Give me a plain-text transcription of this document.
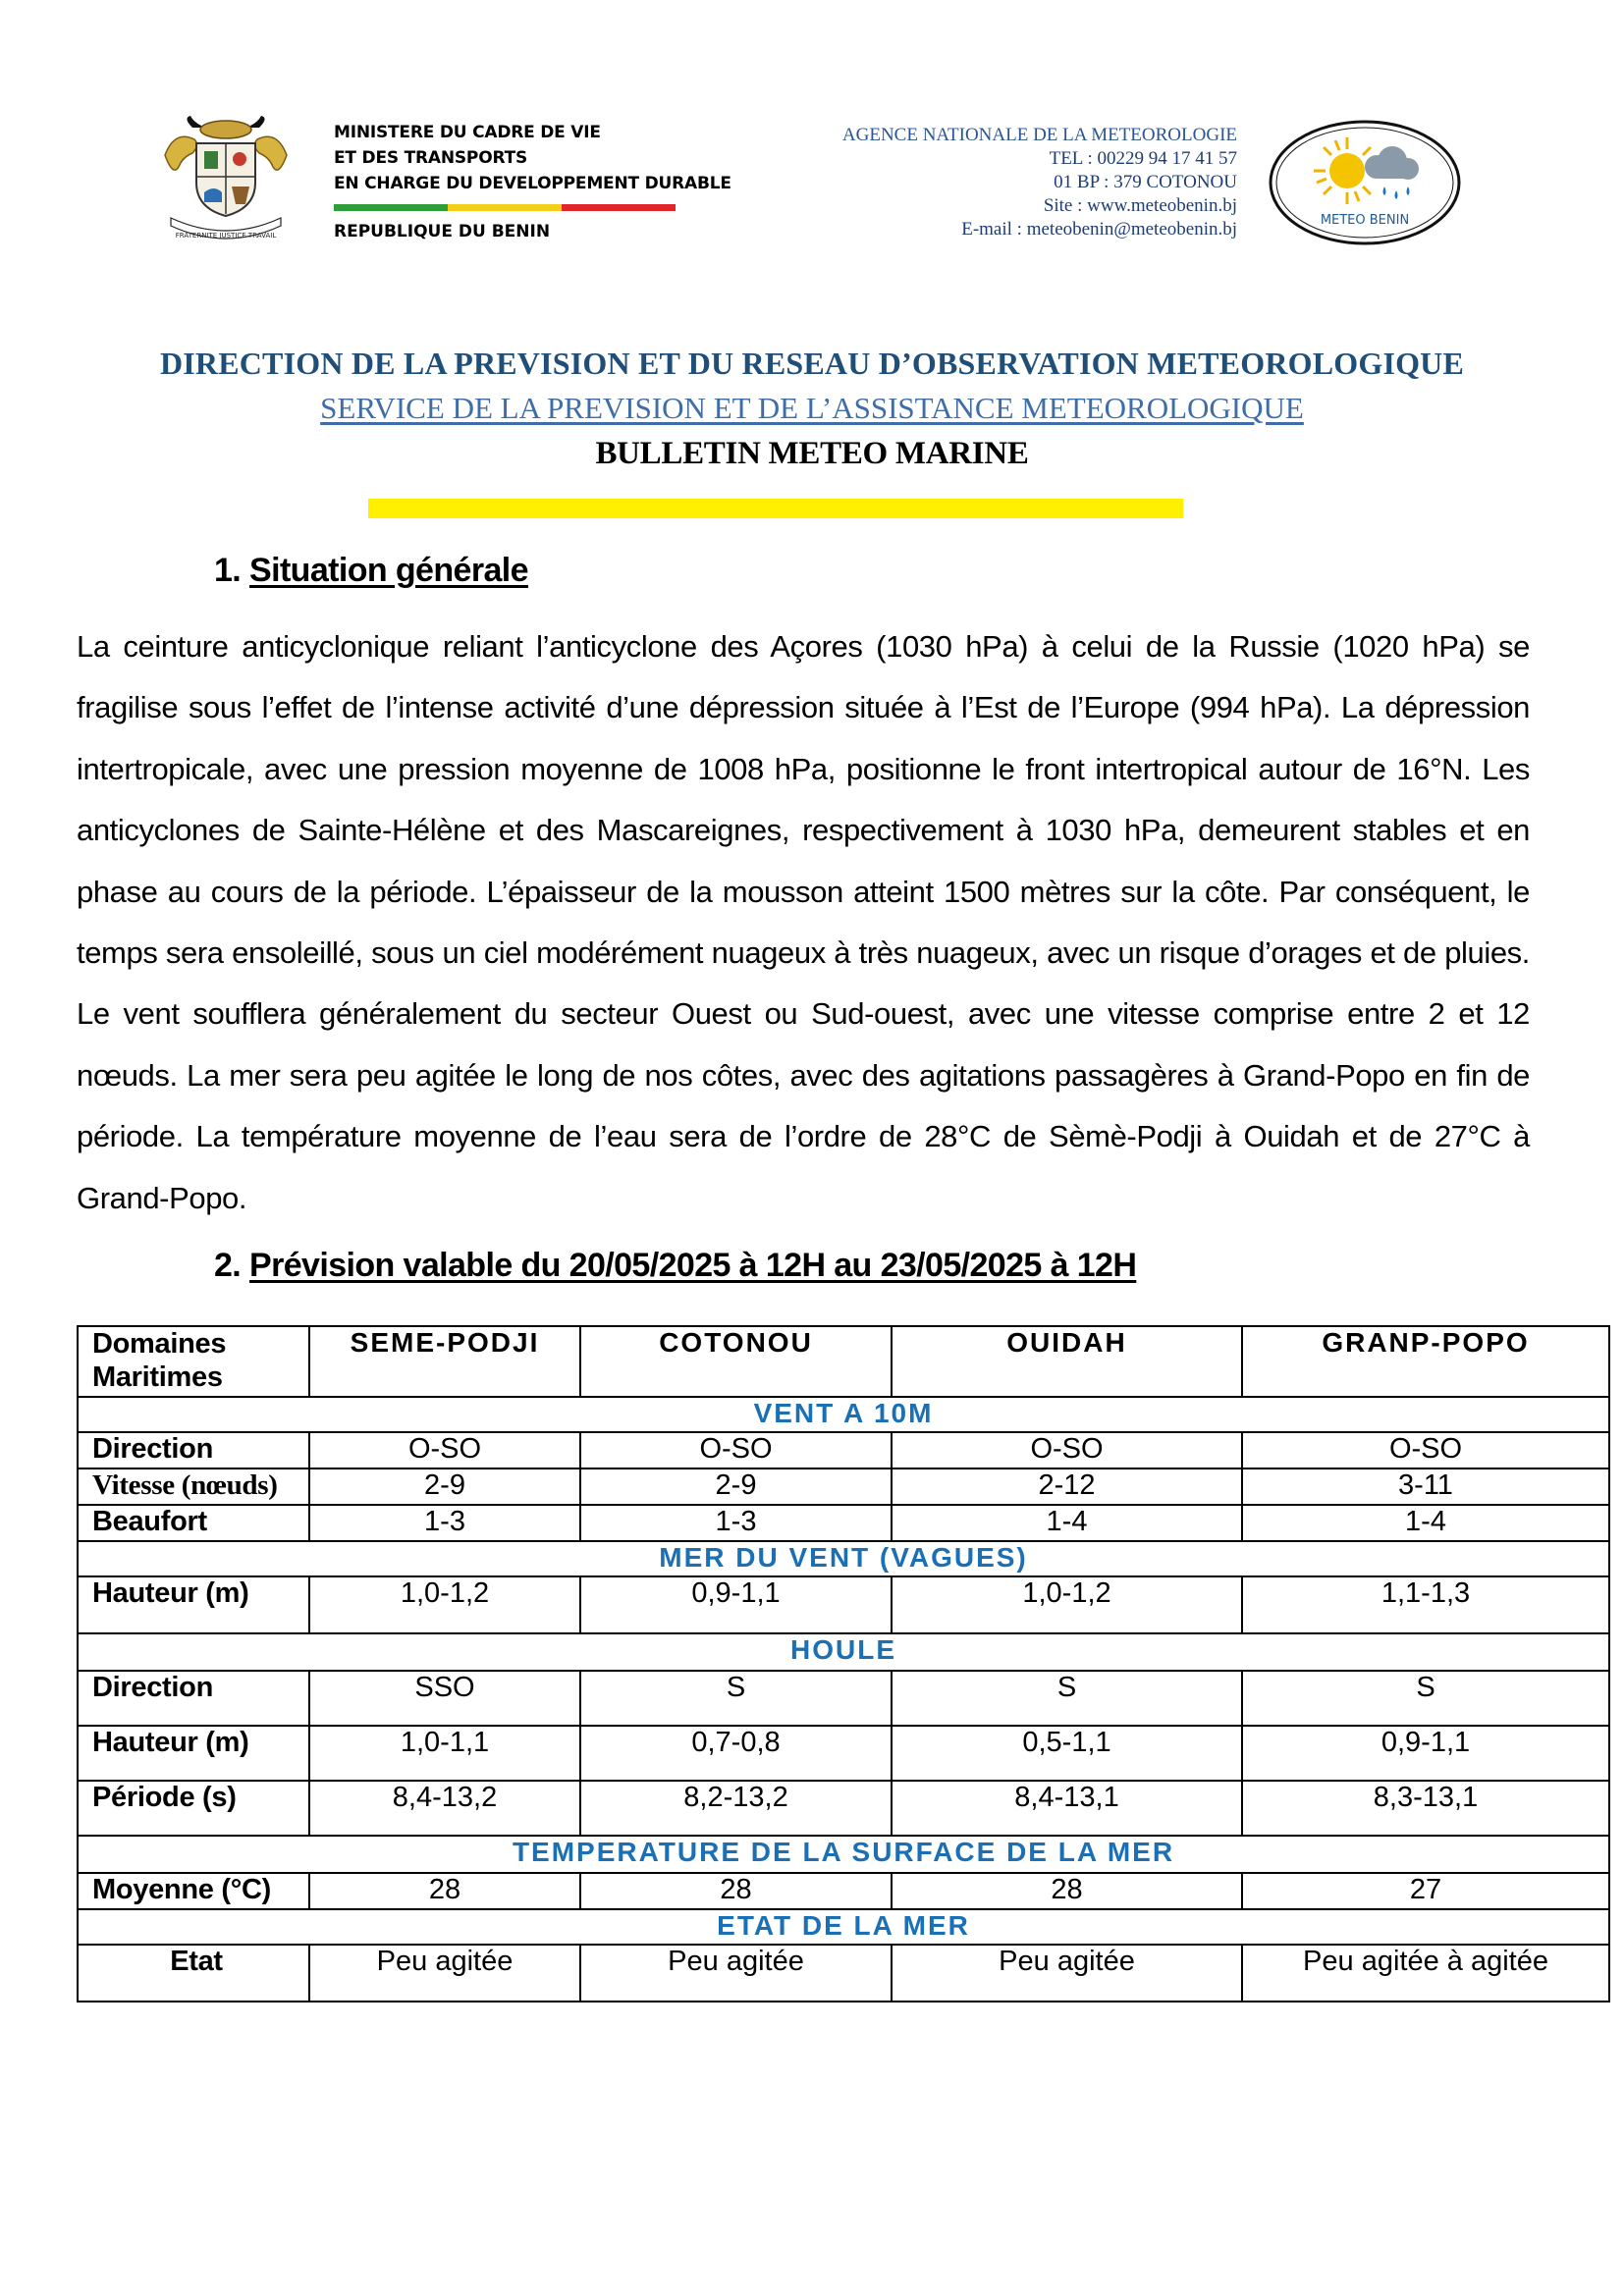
FRATERNITE JUSTICE TRAVAIL
MINISTERE DU CADRE DE VIE
ET DES TRANSPORTS
EN CHARGE DU DEVELOPPEMENT DURABLE
REPUBLIQUE DU BENIN
AGENCE NATIONALE DE LA METEOROLOGIE
TEL : 00229 94 17 41 57
01 BP : 379 COTONOU
Site : www.meteobenin.bj
E-mail : meteobenin@meteobenin.bj	METEO BENIN
DIRECTION DE LA PREVISION ET DU RESEAU D’OBSERVATION METEOROLOGIQUE
SERVICE DE LA PREVISION ET DE L’ASSISTANCE METEOROLOGIQUE
BULLETIN METEO MARINE
1. Situation générale
La ceinture anticyclonique reliant l’anticyclone des Açores (1030 hPa) à celui de la Russie (1020 hPa) se fragilise sous l’effet de l’intense activité d’une dépression située à l’Est de l’Europe (994 hPa). La dépression intertropicale, avec une pression moyenne de 1008 hPa, positionne le front intertropical autour de 16°N. Les anticyclones de Sainte-Hélène et des Mascareignes, respectivement à 1030 hPa, demeurent stables et en phase au cours de la période. L’épaisseur de la mousson atteint 1500 mètres sur la côte. Par conséquent, le temps sera ensoleillé, sous un ciel modérément nuageux à très nuageux, avec un risque d’orages et de pluies. Le vent soufflera généralement du secteur Ouest ou Sud-ouest, avec une vitesse comprise entre 2 et 12 nœuds. La mer sera peu agitée le long de nos côtes, avec des agitations passagères à Grand-Popo en fin de période. La température moyenne de l’eau sera de l’ordre de 28°C de Sèmè-Podji à Ouidah et de 27°C à Grand-Popo.
2. Prévision valable du 20/05/2025 à 12H au 23/05/2025 à 12H
Domaines Maritimes	SEME-PODJI	COTONOU	OUIDAH	GRANP-POPO
VENT A 10M				
Direction	O-SO	O-SO	O-SO	O-SO
Vitesse (nœuds)	2-9	2-9	2-12	3-11
Beaufort	1-3	1-3	1-4	1-4
MER DU VENT (VAGUES)				
Hauteur (m)	1,0-1,2	0,9-1,1	1,0-1,2	1,1-1,3
HOULE				
Direction	SSO	S	S	S
Hauteur (m)	1,0-1,1	0,7-0,8	0,5-1,1	0,9-1,1
Période (s)	8,4-13,2	8,2-13,2	8,4-13,1	8,3-13,1
TEMPERATURE DE LA SURFACE DE LA MER				
Moyenne (°C)	28	28	28	27
ETAT DE LA MER				
Etat	Peu agitée	Peu agitée	Peu agitée	Peu agitée à agitée
